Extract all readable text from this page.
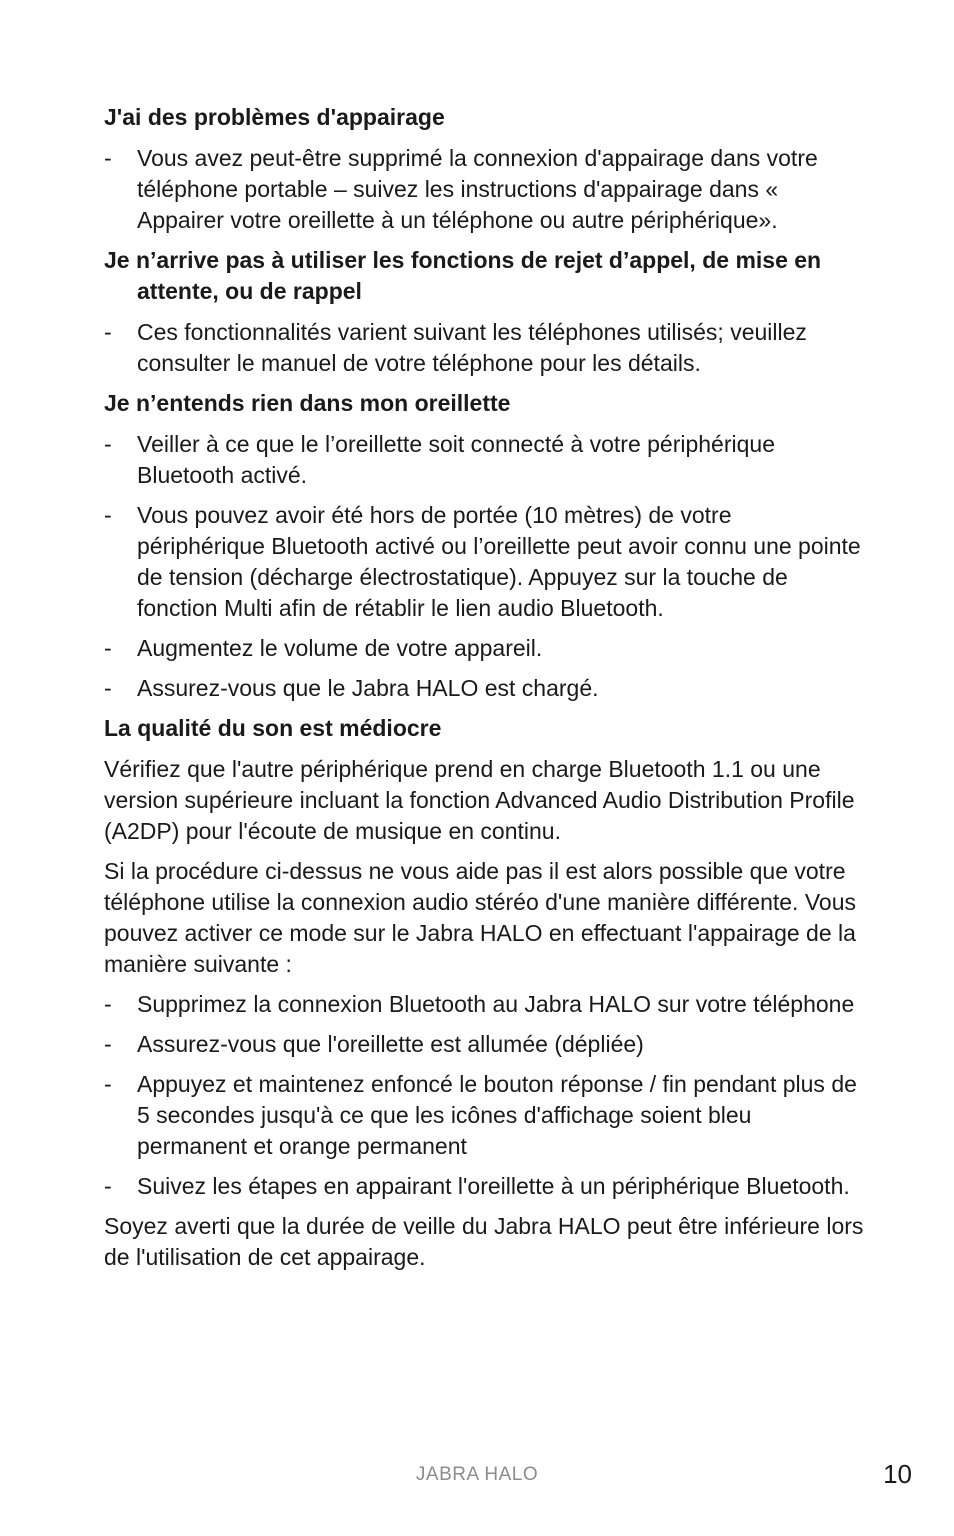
J'ai des problèmes d'appairage
- Vous avez peut-être supprimé la connexion d'appairage dans votre téléphone portable – suivez les instructions d'appairage dans « Appairer votre oreillette à un téléphone ou autre périphérique».
Je n’arrive pas à utiliser les fonctions de rejet d’appel, de mise en attente, ou de rappel
- Ces fonctionnalités varient suivant les téléphones utilisés; veuillez consulter le manuel de votre téléphone pour les détails.
Je n’entends rien dans mon oreillette
- Veiller à ce que le l’oreillette soit connecté à votre périphérique Bluetooth activé.
- Vous pouvez avoir été hors de portée (10 mètres) de votre périphérique Bluetooth activé ou l’oreillette peut avoir connu une pointe de tension (décharge électrostatique). Appuyez sur la touche de fonction Multi afin de rétablir le lien audio Bluetooth.
- Augmentez le volume de votre appareil.
- Assurez-vous que le Jabra HALO est chargé.
La qualité du son est médiocre

Vérifiez que l'autre périphérique prend en charge Bluetooth 1.1 ou une version supérieure incluant la fonction Advanced Audio Distribution Profile (A2DP) pour l'écoute de musique en continu.

Si la procédure ci-dessus ne vous aide pas il est alors possible que votre téléphone utilise la connexion audio stéréo d'une manière différente. Vous pouvez activer ce mode sur le Jabra HALO en effectuant l'appairage de la manière suivante :

- Supprimez la connexion Bluetooth au Jabra HALO sur votre téléphone
- Assurez-vous que l'oreillette est allumée (dépliée)
- Appuyez et maintenez enfoncé le bouton réponse / fin pendant plus de 5 secondes jusqu'à ce que les icônes d'affichage soient bleu permanent et orange permanent
- Suivez les étapes en appairant l'oreillette à un périphérique Bluetooth.

Soyez averti que la durée de veille du Jabra HALO peut être inférieure lors de l'utilisation de cet appairage.

JABRA HALO	10
